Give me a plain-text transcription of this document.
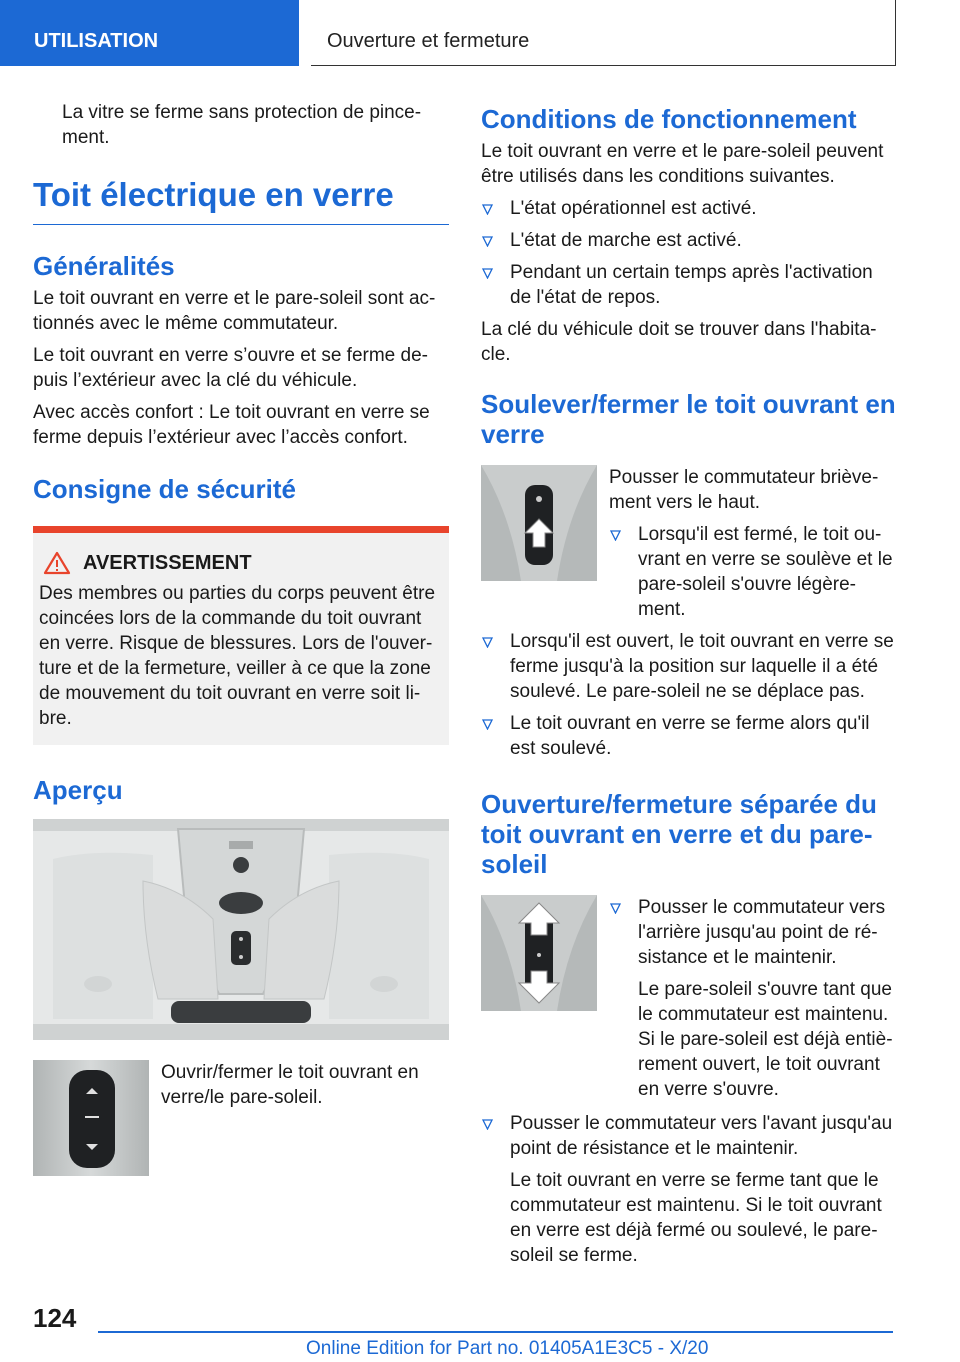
UTILISATION	Ouverture et fermeture

La vitre se ferme sans protection de pince-ment.

Toit électrique en verre
Généralités

Le toit ouvrant en verre et le pare-soleil sont ac-tionnés avec le même commutateur.

Le toit ouvrant en verre s’ouvre et se ferme de-puis l’extérieur avec la clé du véhicule.

Avec accès confort : Le toit ouvrant en verre se ferme depuis l’extérieur avec l’accès confort.

Consigne de sécurité
AVERTISSEMENT

Des membres ou parties du corps peuvent être coincées lors de la commande du toit ouvrant en verre. Risque de blessures. Lors de l'ouver-ture et de la fermeture, veiller à ce que la zone de mouvement du toit ouvrant en verre soit li-bre.

Aperçu

Ouvrir/fermer le toit ouvrant en verre/le pare-soleil.

Conditions de fonctionnement

Le toit ouvrant en verre et le pare-soleil peuvent être utilisés dans les conditions suivantes.

L'état opérationnel est activé.
L'état de marche est activé.
Pendant un certain temps après l'activation de l'état de repos.

La clé du véhicule doit se trouver dans l'habita-cle.

Soulever/fermer le toit ouvrant en verre

Pousser le commutateur briève-ment vers le haut.

Lorsqu'il est fermé, le toit ou-vrant en verre se soulève et le pare-soleil s'ouvre légère-ment.
Lorsqu'il est ouvert, le toit ouvrant en verre se ferme jusqu'à la position sur laquelle il a été soulevé. Le pare-soleil ne se déplace pas.
Le toit ouvrant en verre se ferme alors qu'il est soulevé.
Ouverture/fermeture séparée du toit ouvrant en verre et du pare-soleil
Pousser le commutateur vers l'arrière jusqu'au point de ré-sistance et le maintenir.

Le pare-soleil s'ouvre tant que le commutateur est maintenu. Si le pare-soleil est déjà entiè-rement ouvert, le toit ouvrant en verre s'ouvre.

Pousser le commutateur vers l'avant jusqu'au point de résistance et le maintenir.

Le toit ouvrant en verre se ferme tant que le commutateur est maintenu. Si le toit ouvrant en verre est déjà fermé ou soulevé, le pare-soleil se ferme.

124
Online Edition for Part no. 01405A1E3C5 - X/20
